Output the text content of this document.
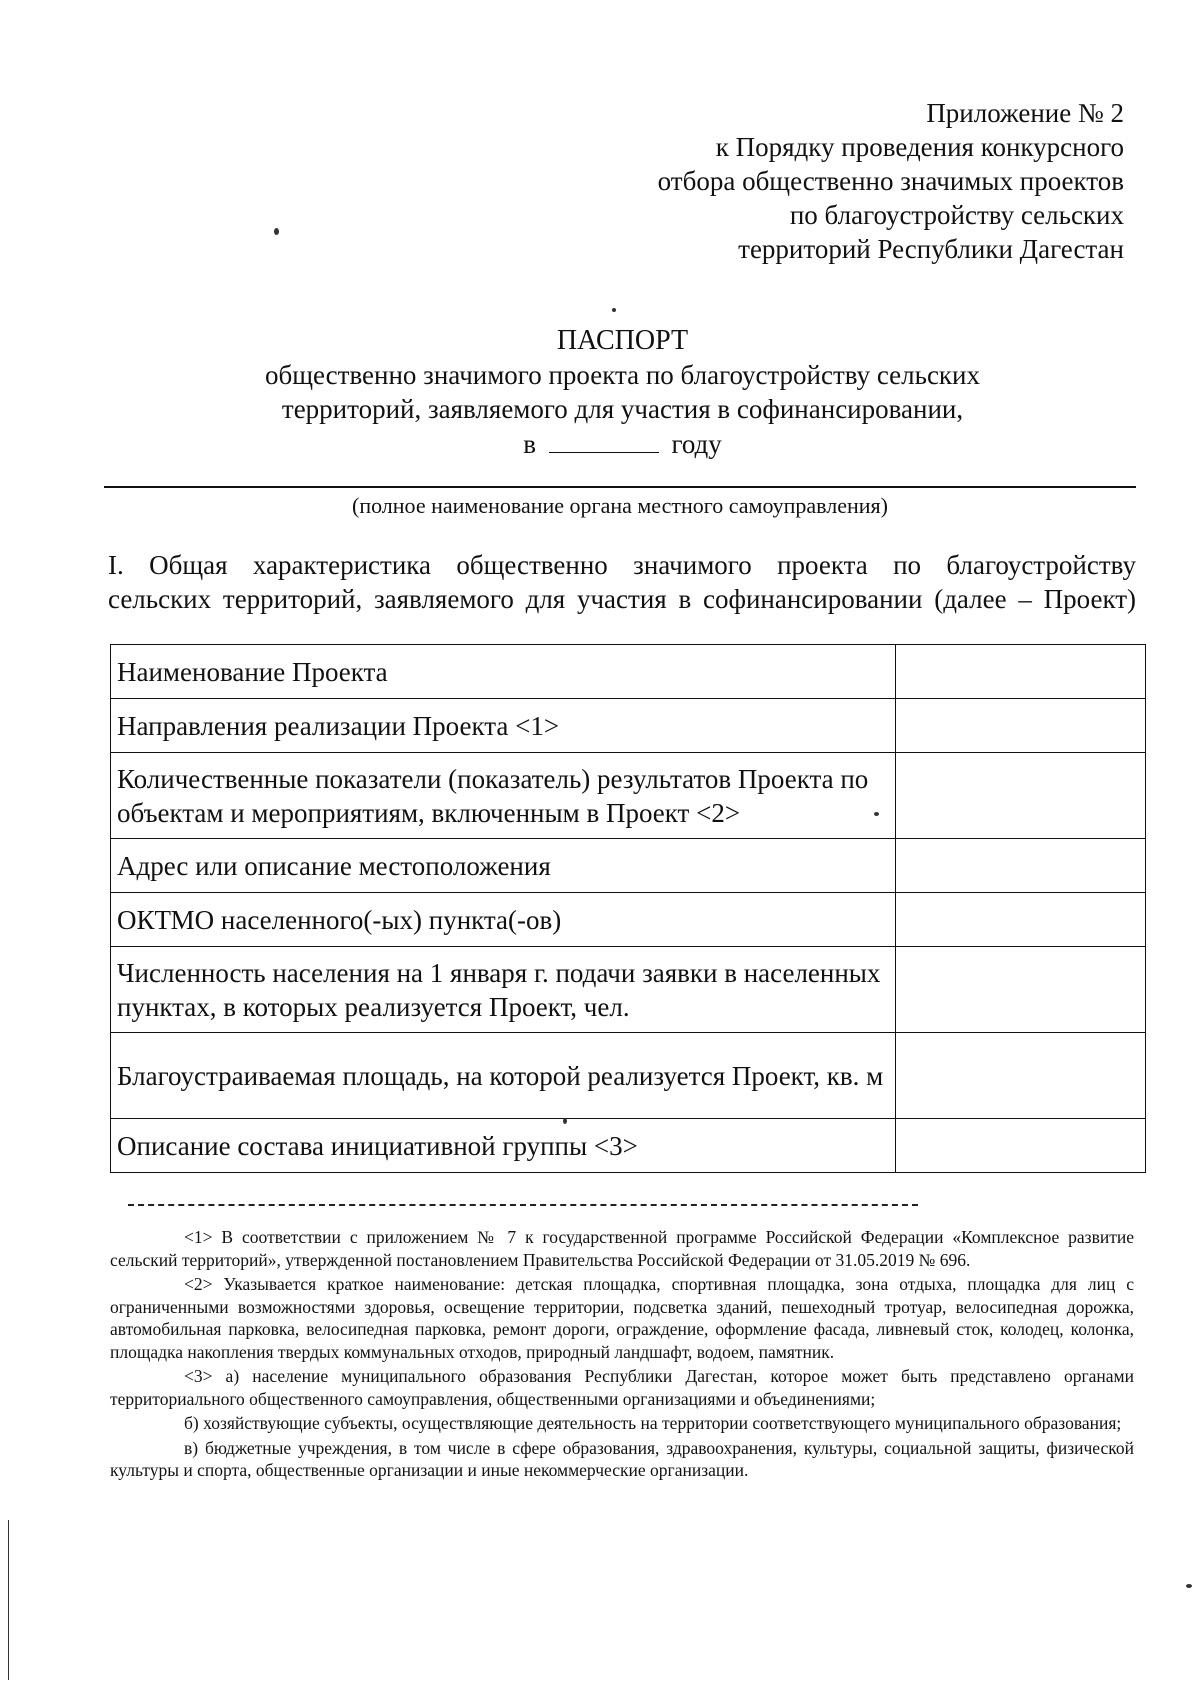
Приложение № 2
к Порядку проведения конкурсного
отбора общественно значимых проектов
по благоустройству сельских
территорий Республики Дагестан
ПАСПОРТ
общественно значимого проекта по благоустройству сельских
территорий, заявляемого для участия в софинансировании,
в	году
(полное наименование органа местного самоуправления)
I. Общая характеристика общественно значимого проекта по благоустройству
сельских территорий, заявляемого для участия в софинансировании (далее – Проект)
Наименование Проекта	
Направления реализации Проекта <1>	
Количественные показатели (показатель) результатов Проекта по объектам и мероприятиям, включенным в Проект <2>	
Адрес или описание местоположения	
ОКТМО населенного(-ых) пункта(-ов)	
Численность населения на 1 января г. подачи заявки в населенных пунктах, в которых реализуется Проект, чел.	
Благоустраиваемая площадь, на которой реализуется Проект, кв. м	
Описание состава инициативной группы <3>	

<1> В соответствии с приложением № 7 к государственной программе Российской Федерации «Комплексное развитие сельский территорий», утвержденной постановлением Правительства Российской Федерации от 31.05.2019 № 696.

<2> Указывается краткое наименование: детская площадка, спортивная площадка, зона отдыха, площадка для лиц с ограниченными возможностями здоровья, освещение территории, подсветка зданий, пешеходный тротуар, велосипедная дорожка, автомобильная парковка, велосипедная парковка, ремонт дороги, ограждение, оформление фасада, ливневый сток, колодец, колонка, площадка накопления твердых коммунальных отходов, природный ландшафт, водоем, памятник.

<3> а) население муниципального образования Республики Дагестан, которое может быть представлено органами территориального общественного самоуправления, общественными организациями и объединениями;

б) хозяйствующие субъекты, осуществляющие деятельность на территории соответствующего муниципального образования;

в) бюджетные учреждения, в том числе в сфере образования, здравоохранения, культуры, социальной защиты, физической культуры и спорта, общественные организации и иные некоммерческие организации.
